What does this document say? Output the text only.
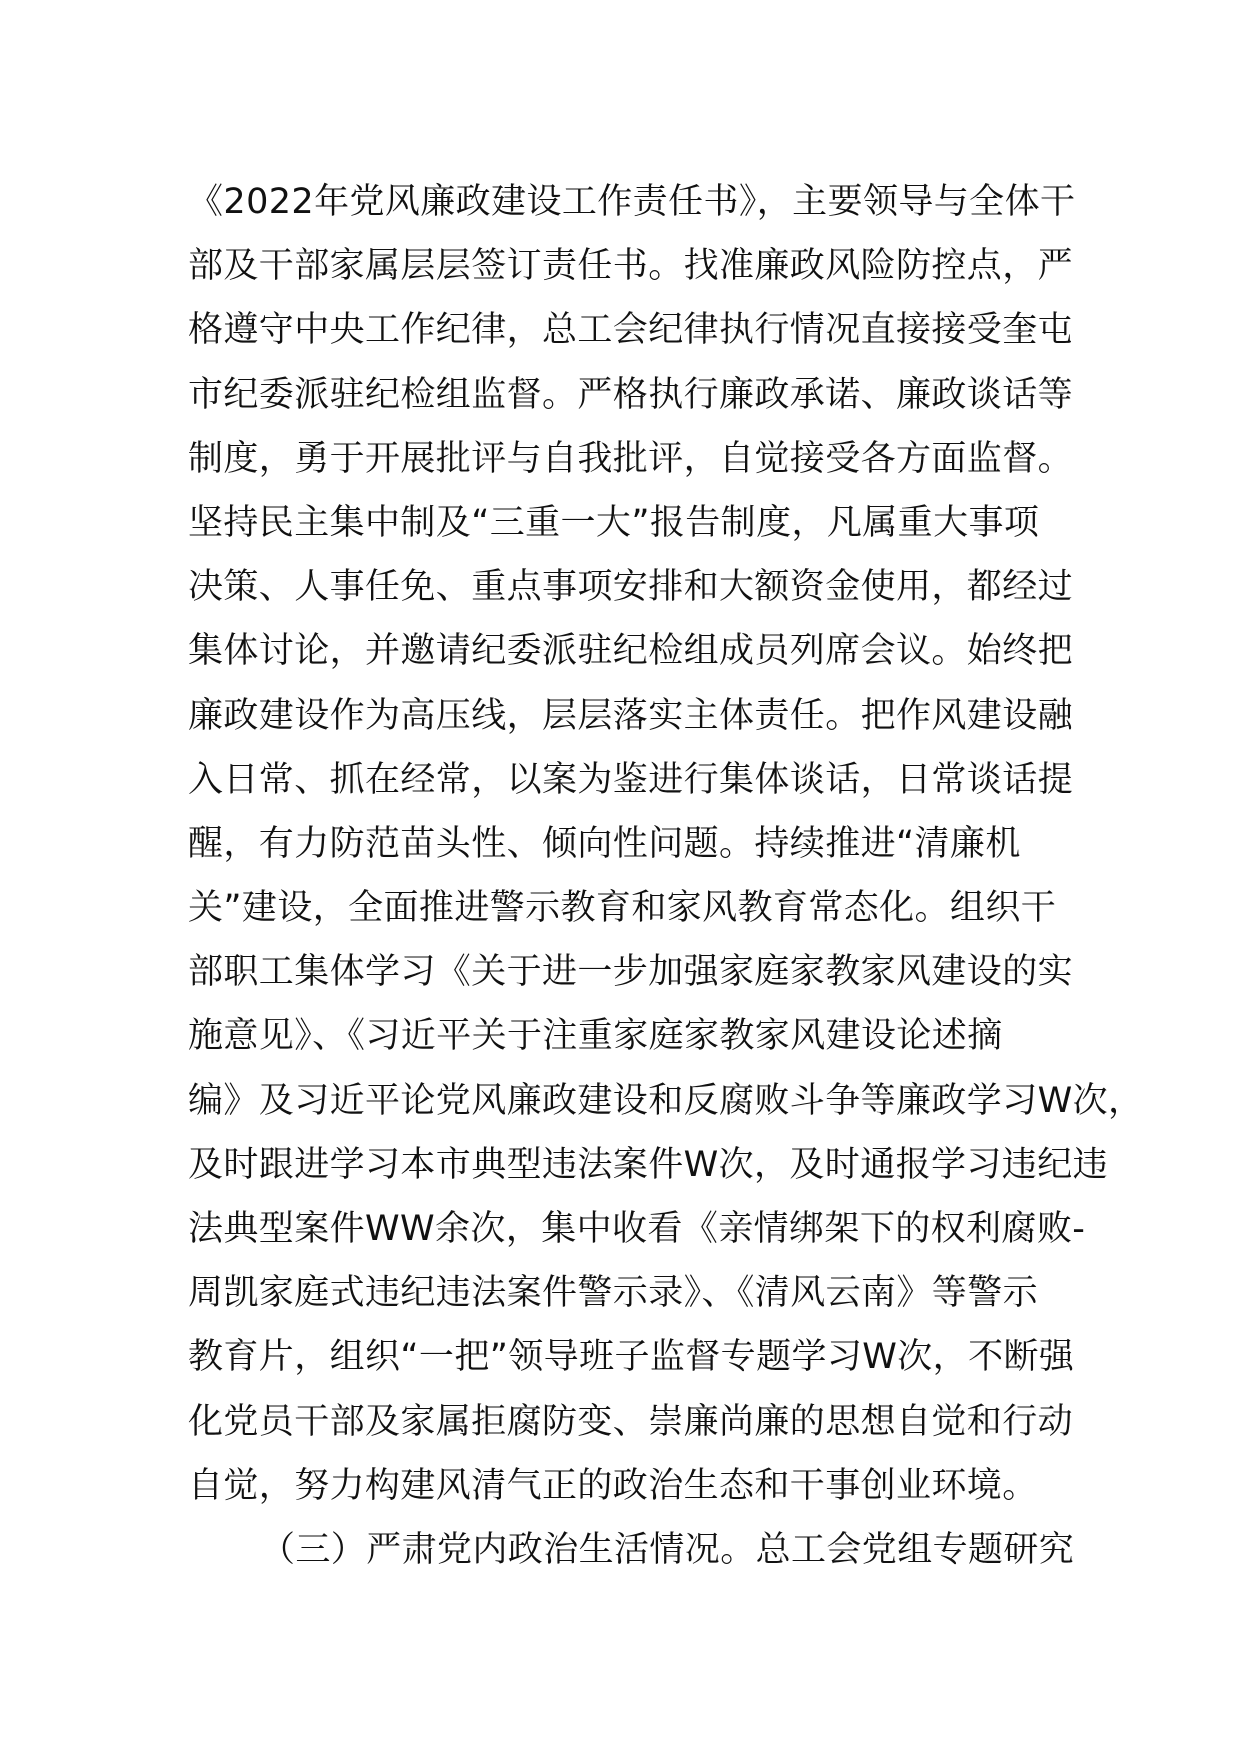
《2022年党风廉政建设工作责任书》，主要领导与全体干
部及干部家属层层签订责任书。找准廉政风险防控点，严
格遵守中央工作纪律，总工会纪律执行情况直接接受奎屯
市纪委派驻纪检组监督。严格执行廉政承诺、廉政谈话等
制度，勇于开展批评与自我批评，自觉接受各方面监督。
坚持民主集中制及“三重一大”报告制度，凡属重大事项
决策、人事任免、重点事项安排和大额资金使用，都经过
集体讨论，并邀请纪委派驻纪检组成员列席会议。始终把
廉政建设作为高压线，层层落实主体责任。把作风建设融
入日常、抓在经常，以案为鉴进行集体谈话，日常谈话提
醒，有力防范苗头性、倾向性问题。持续推进“清廉机
关”建设，全面推进警示教育和家风教育常态化。组织干
部职工集体学习《关于进一步加强家庭家教家风建设的实
施意见》、《习近平关于注重家庭家教家风建设论述摘
编》及习近平论党风廉政建设和反腐败斗争等廉政学习W次，
及时跟进学习本市典型违法案件W次，及时通报学习违纪违
法典型案件WW余次，集中收看《亲情绑架下的权利腐败-
周凯家庭式违纪违法案件警示录》、《清风云南》等警示
教育片，组织“一把”领导班子监督专题学习W次，不断强
化党员干部及家属拒腐防变、崇廉尚廉的思想自觉和行动
自觉，努力构建风清气正的政治生态和干事创业环境。
（三）严肃党内政治生活情况。总工会党组专题研究
